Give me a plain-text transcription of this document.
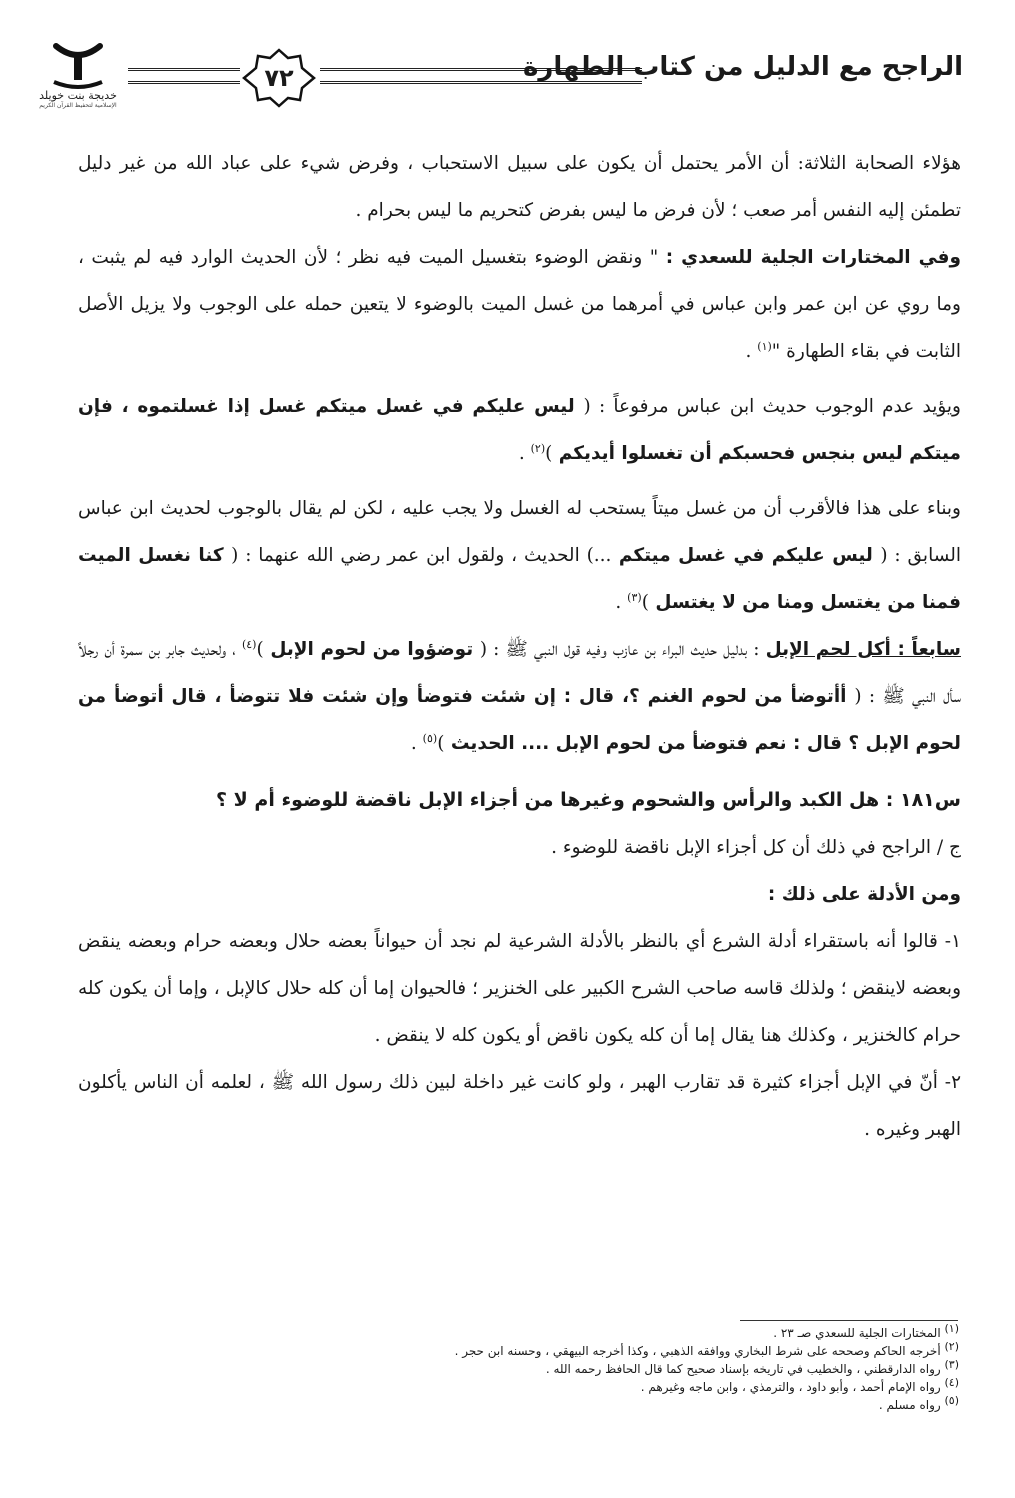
خديجة بنت خويلد
الإسلامية لتحفيظ القرآن الكريم
٧٢	الراجح مع الدليل من كتاب الطهارة

هؤلاء الصحابة الثلاثة: أن الأمر يحتمل أن يكون على سبيل الاستحباب ، وفرض شيء على عباد الله من غير دليل تطمئن إليه النفس أمر صعب ؛ لأن فرض ما ليس بفرض كتحريم ما ليس بحرام .

وفي المختارات الجلية للسعدي : " ونقض الوضوء بتغسيل الميت فيه نظر ؛ لأن الحديث الوارد فيه لم يثبت ، وما روي عن ابن عمر وابن عباس في أمرهما من غسل الميت بالوضوء لا يتعين حمله على الوجوب ولا يزيل الأصل الثابت في بقاء الطهارة "$^{(١)}$ .

ويؤيد عدم الوجوب حديث ابن عباس مرفوعاً : ( ليس عليكم في غسل ميتكم غسل إذا غسلتموه ، فإن ميتكم ليس بنجس فحسبكم أن تغسلوا أيديكم )$^{(٢)}$ .

وبناء على هذا فالأقرب أن من غسل ميتاً يستحب له الغسل ولا يجب عليه ، لكن لم يقال بالوجوب لحديث ابن عباس السابق : ( ليس عليكم في غسل ميتكم ...) الحديث ، ولقول ابن عمر رضي الله عنهما : ( كنا نغسل الميت فمنا من يغتسل ومنا من لا يغتسل )$^{(٣)}$ .

سابعاً : أكل لحم الإبل : بدليل حديث البراء بن عازب وفيه قول النبي ﷺ : ( توضؤوا من لحوم الإبل )$^{(٤)}$ ، ولحديث جابر بن سمرة أن رجلاً سأل النبي ﷺ : ( أأتوضأ من لحوم الغنم ؟، قال : إن شئت فتوضأ وإن شئت فلا تتوضأ ، قال أتوضأ من لحوم الإبل ؟ قال : نعم فتوضأ من لحوم الإبل .... الحديث )$^{(٥)}$ .

س١٨١ : هل الكبد والرأس والشحوم وغيرها من أجزاء الإبل ناقضة للوضوء أم لا ؟

ج / الراجح في ذلك أن كل أجزاء الإبل ناقضة للوضوء .

ومن الأدلة على ذلك :

١- قالوا أنه باستقراء أدلة الشرع أي بالنظر بالأدلة الشرعية لم نجد أن حيواناً بعضه حلال وبعضه حرام وبعضه ينقض وبعضه لاينقض ؛ ولذلك قاسه صاحب الشرح الكبير على الخنزير ؛ فالحيوان إما أن كله حلال كالإبل ، وإما أن يكون كله حرام كالخنزير ، وكذلك هنا يقال إما أن كله يكون ناقض أو يكون كله لا ينقض .

٢- أنّ في الإبل أجزاء كثيرة قد تقارب الهبر ، ولو كانت غير داخلة لبين ذلك رسول الله ﷺ ، لعلمه أن الناس يأكلون الهبر وغيره .

$^{(١)}$ المختارات الجلية للسعدي صـ ٢٣ .
$^{(٢)}$ أخرجه الحاكم وصححه على شرط البخاري ووافقه الذهبي ، وكذا أخرجه البيهقي ، وحسنه ابن حجر .
$^{(٣)}$ رواه الدارقطني ، والخطيب في تاريخه بإسناد صحيح كما قال الحافظ رحمه الله .
$^{(٤)}$ رواه الإمام أحمد ، وأبو داود ، والترمذي ، وابن ماجه وغيرهم .
$^{(٥)}$ رواه مسلم .
